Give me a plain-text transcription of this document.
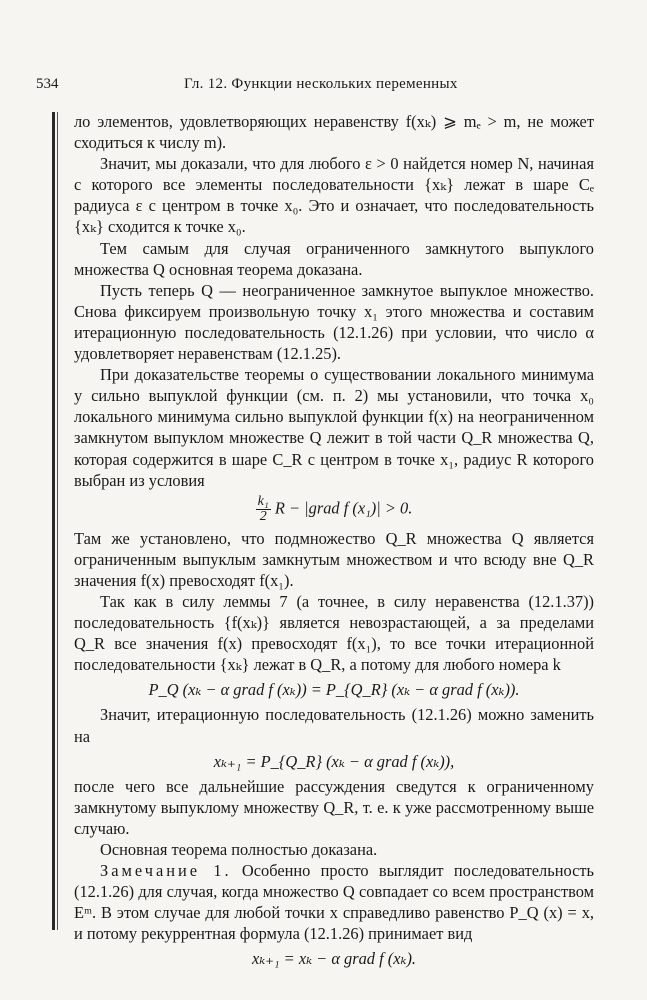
534	Гл. 12. Функции нескольких переменных

ло элементов, удовлетворяющих неравенству f(xₖ) ⩾ mₑ > m, не может сходиться к числу m).

Значит, мы доказали, что для любого ε > 0 найдется номер N, начиная с которого все элементы последовательности {xₖ} лежат в шаре Cₑ радиуса ε с центром в точке x₀. Это и означает, что последовательность {xₖ} сходится к точке x₀.

Тем самым для случая ограниченного замкнутого выпуклого множества Q основная теорема доказана.

Пусть теперь Q — неограниченное замкнутое выпуклое множество. Снова фиксируем произвольную точку x₁ этого множества и составим итерационную последовательность (12.1.26) при условии, что число α удовлетворяет неравенствам (12.1.25).

При доказательстве теоремы о существовании локального минимума у сильно выпуклой функции (см. п. 2) мы установили, что точка x₀ локального минимума сильно выпуклой функции f(x) на неограниченном замкнутом выпуклом множестве Q лежит в той части Q_R множества Q, которая содержится в шаре C_R с центром в точке x₁, радиус R которого выбран из условия

$\frac{\text{k₁}}{2}$ R − |grad f (x₁)| > 0.

Там же установлено, что подмножество Q_R множества Q является ограниченным выпуклым замкнутым множеством и что всюду вне Q_R значения f(x) превосходят f(x₁).

Так как в силу леммы 7 (а точнее, в силу неравенства (12.1.37)) последовательность {f(xₖ)} является невозрастающей, а за пределами Q_R все значения f(x) превосходят f(x₁), то все точки итерационной последовательности {xₖ} лежат в Q_R, а потому для любого номера k

P_Q (xₖ − α grad f (xₖ)) = P_{Q_R} (xₖ − α grad f (xₖ)).

Значит, итерационную последовательность (12.1.26) можно заменить на

xₖ₊₁ = P_{Q_R} (xₖ − α grad f (xₖ)),

после чего все дальнейшие рассуждения сведутся к ограниченному замкнутому выпуклому множеству Q_R, т. е. к уже рассмотренному выше случаю.

Основная теорема полностью доказана.

Замечание 1. Особенно просто выглядит последовательность (12.1.26) для случая, когда множество Q совпадает со всем пространством Eᵐ. В этом случае для любой точки x справедливо равенство P_Q (x) = x, и потому рекуррентная формула (12.1.26) принимает вид

xₖ₊₁ = xₖ − α grad f (xₖ).
